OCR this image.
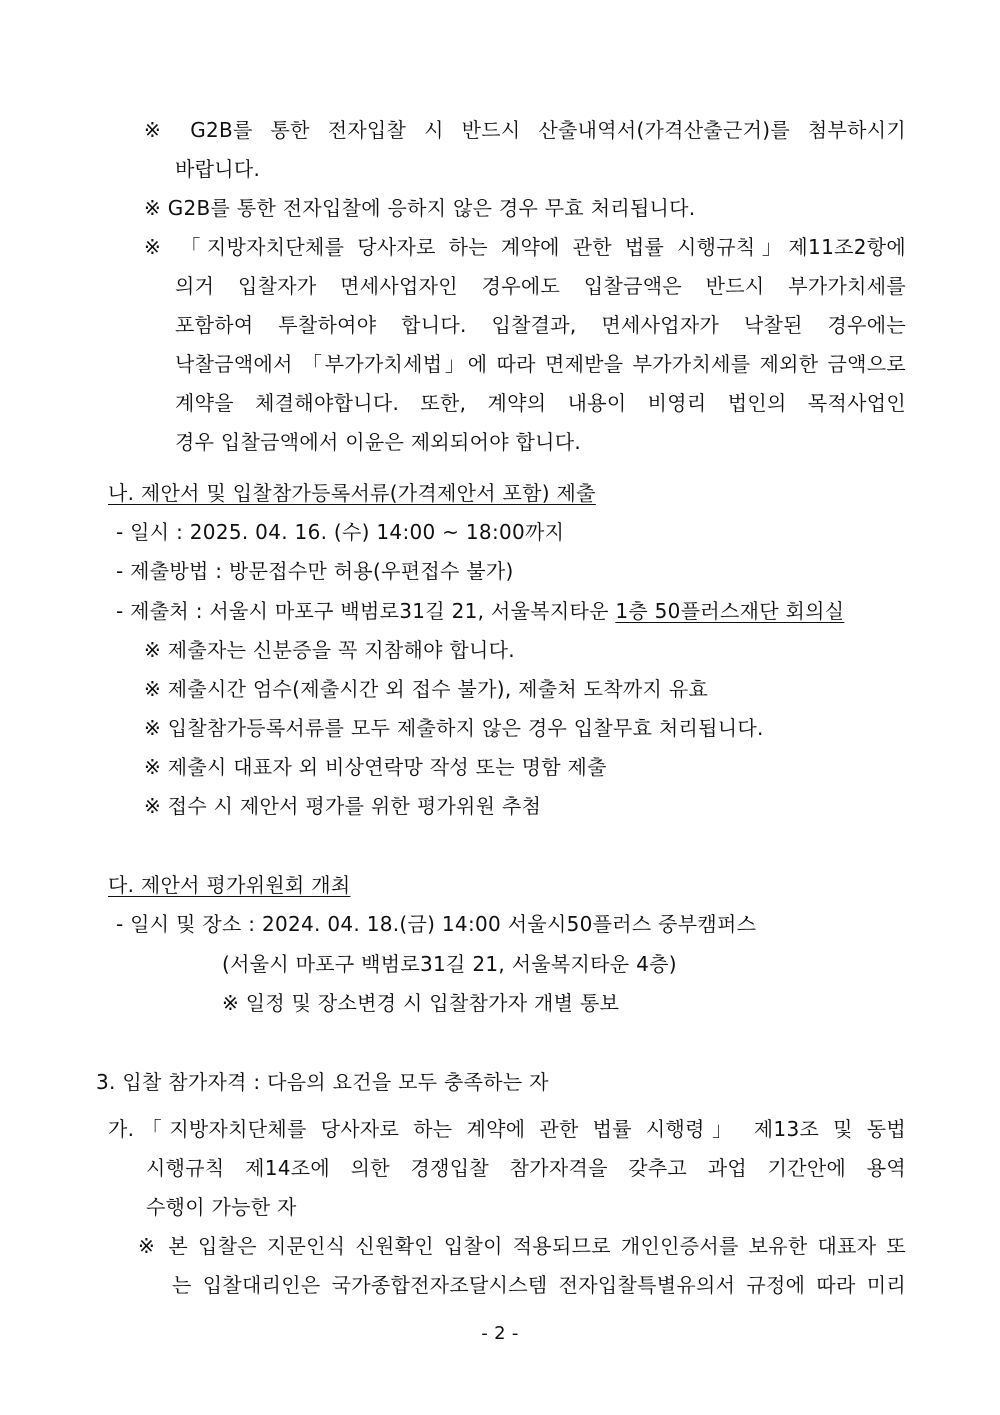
※ G2B를 통한 전자입찰 시 반드시 산출내역서(가격산출근거)를 첨부하시기
바랍니다.
※ G2B를 통한 전자입찰에 응하지 않은 경우 무효 처리됩니다.
※ 「지방자치단체를 당사자로 하는 계약에 관한 법률 시행규칙」제11조2항에
의거 입찰자가 면세사업자인 경우에도 입찰금액은 반드시 부가가치세를
포함하여 투찰하여야 합니다. 입찰결과, 면세사업자가 낙찰된 경우에는
낙찰금액에서 「부가가치세법」에 따라 면제받을 부가가치세를 제외한 금액으로
계약을 체결해야합니다. 또한, 계약의 내용이 비영리 법인의 목적사업인
경우 입찰금액에서 이윤은 제외되어야 합니다.
나. 제안서 및 입찰참가등록서류(가격제안서 포함) 제출
- 일시 : 2025. 04. 16. (수) 14:00 ~ 18:00까지
- 제출방법 : 방문접수만 허용(우편접수 불가)
- 제출처 : 서울시 마포구 백범로31길 21, 서울복지타운 1층 50플러스재단 회의실
※ 제출자는 신분증을 꼭 지참해야 합니다.
※ 제출시간 엄수(제출시간 외 접수 불가), 제출처 도착까지 유효
※ 입찰참가등록서류를 모두 제출하지 않은 경우 입찰무효 처리됩니다.
※ 제출시 대표자 외 비상연락망 작성 또는 명함 제출
※ 접수 시 제안서 평가를 위한 평가위원 추첨
다. 제안서 평가위원회 개최
- 일시 및 장소 : 2024. 04. 18.(금) 14:00 서울시50플러스 중부캠퍼스
(서울시 마포구 백범로31길 21, 서울복지타운 4층)
※ 일정 및 장소변경 시 입찰참가자 개별 통보
3. 입찰 참가자격 : 다음의 요건을 모두 충족하는 자
가.「지방자치단체를 당사자로 하는 계약에 관한 법률 시행령」 제13조 및 동법
시행규칙 제14조에 의한 경쟁입찰 참가자격을 갖추고 과업 기간안에 용역
수행이 가능한 자
※ 본 입찰은 지문인식 신원확인 입찰이 적용되므로 개인인증서를 보유한 대표자 또
는 입찰대리인은 국가종합전자조달시스템 전자입찰특별유의서 규정에 따라 미리
- 2 -
